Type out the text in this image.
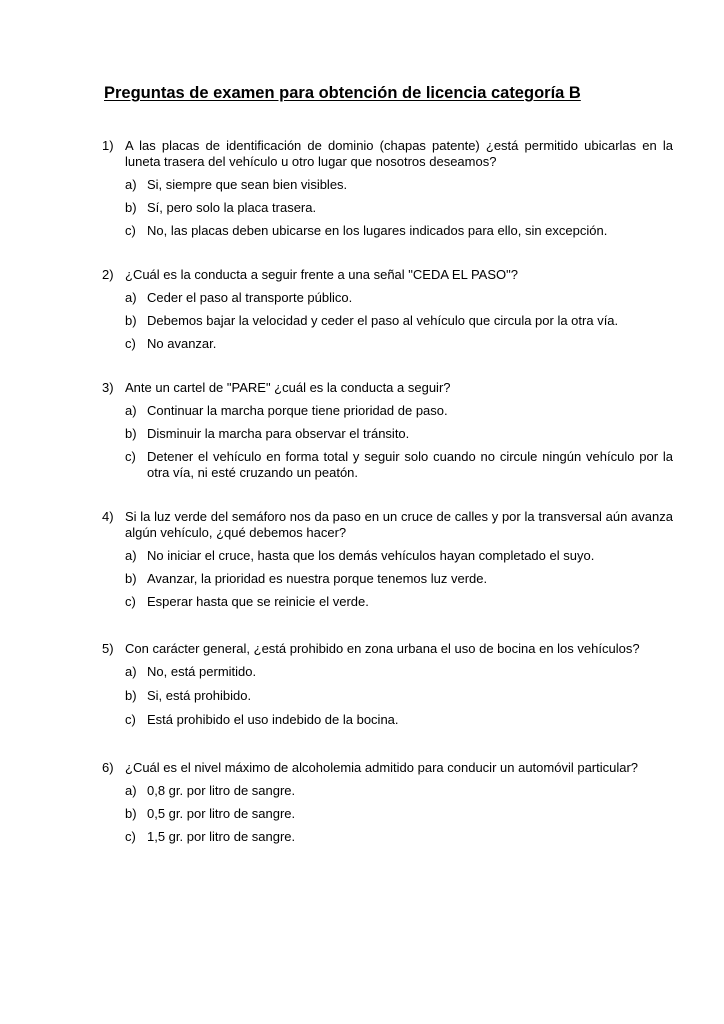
Preguntas de examen para obtención de licencia categoría B
1) A las placas de identificación de dominio (chapas patente) ¿está permitido ubicarlas en la luneta trasera del vehículo u otro lugar que nosotros deseamos?
a) Si, siempre que sean bien visibles.
b) Sí, pero solo la placa trasera.
c) No, las placas deben ubicarse en los lugares indicados para ello, sin excepción.
2) ¿Cuál es la conducta a seguir frente a una señal "CEDA EL PASO"?
a) Ceder el paso al transporte público.
b) Debemos bajar la velocidad y ceder el paso al vehículo que circula por la otra vía.
c) No avanzar.
3) Ante un cartel de "PARE" ¿cuál es la conducta a seguir?
a) Continuar la marcha porque tiene prioridad de paso.
b) Disminuir la marcha para observar el tránsito.
c) Detener el vehículo en forma total y seguir solo cuando no circule ningún vehículo por la otra vía, ni esté cruzando un peatón.
4) Si la luz verde del semáforo nos da paso en un cruce de calles y por la transversal aún avanza algún vehículo, ¿qué debemos hacer?
a) No iniciar el cruce, hasta que los demás vehículos hayan completado el suyo.
b) Avanzar, la prioridad es nuestra porque tenemos luz verde.
c) Esperar hasta que se reinicie el verde.
5) Con carácter general, ¿está prohibido en zona urbana el uso de bocina en los vehículos?
a) No, está permitido.
b) Si, está prohibido.
c) Está prohibido el uso indebido de la bocina.
6) ¿Cuál es el nivel máximo de alcoholemia admitido para conducir un automóvil particular?
a) 0,8 gr. por litro de sangre.
b) 0,5 gr. por litro de sangre.
c) 1,5 gr. por litro de sangre.
